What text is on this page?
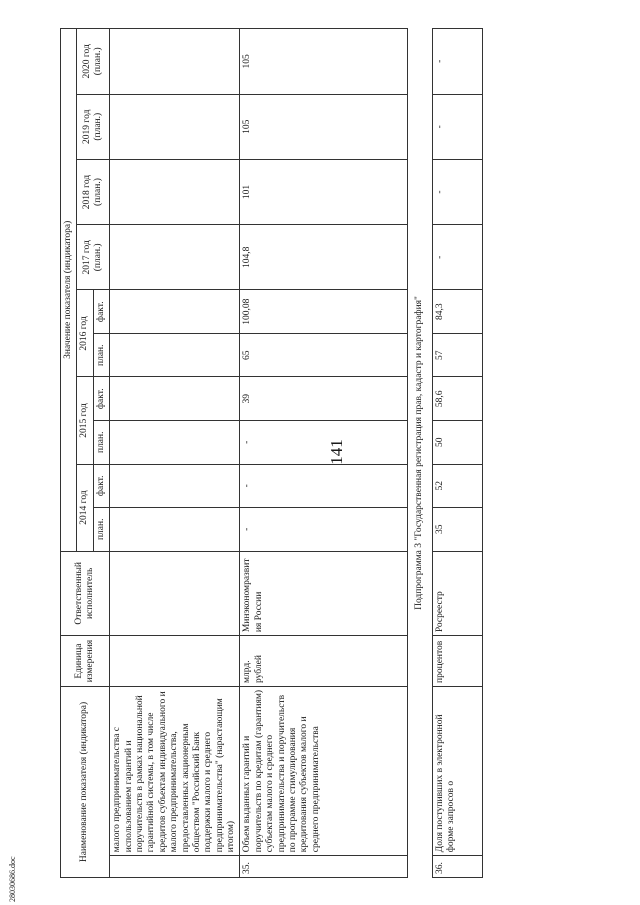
141
Наименование показателя (индикатора)		Единица измерения	Ответственный исполнитель	Значение показателя (индикатора)									
				2014 год		2015 год		2016 год		2017 год (план.)	2018 год (план.)	2019 год (план.)	2020 год (план.)
				план.	факт.	план.	факт.	план.	факт.				
	малого предпринимательства с использованием гарантий и поручительств в рамках национальной гарантийной системы, в том числе кредитов субъектам индивидуального и малого предпринимательства, предоставленных акционерным обществом "Российский Банк поддержки малого и среднего предпринимательства" (нарастающим итогом)												
35.	Объем выданных гарантий и поручительств по кредитам (гарантиям) субъектам малого и среднего предпринимательства и поручительств по программе стимулирования кредитования субъектов малого и среднего предпринимательства	млрд. рублей	Минэкономразвития России	-	-	-	39	65	100,08	104,8	101	105	105
Подпрограмма 3 "Государственная регистрация прав, кадастр и картография"													
36.	Доля поступивших в электронной форме запросов о	процентов	Росреестр	35	52	50	58,6	57	84,3	-	-	-	-
28030686.doc
